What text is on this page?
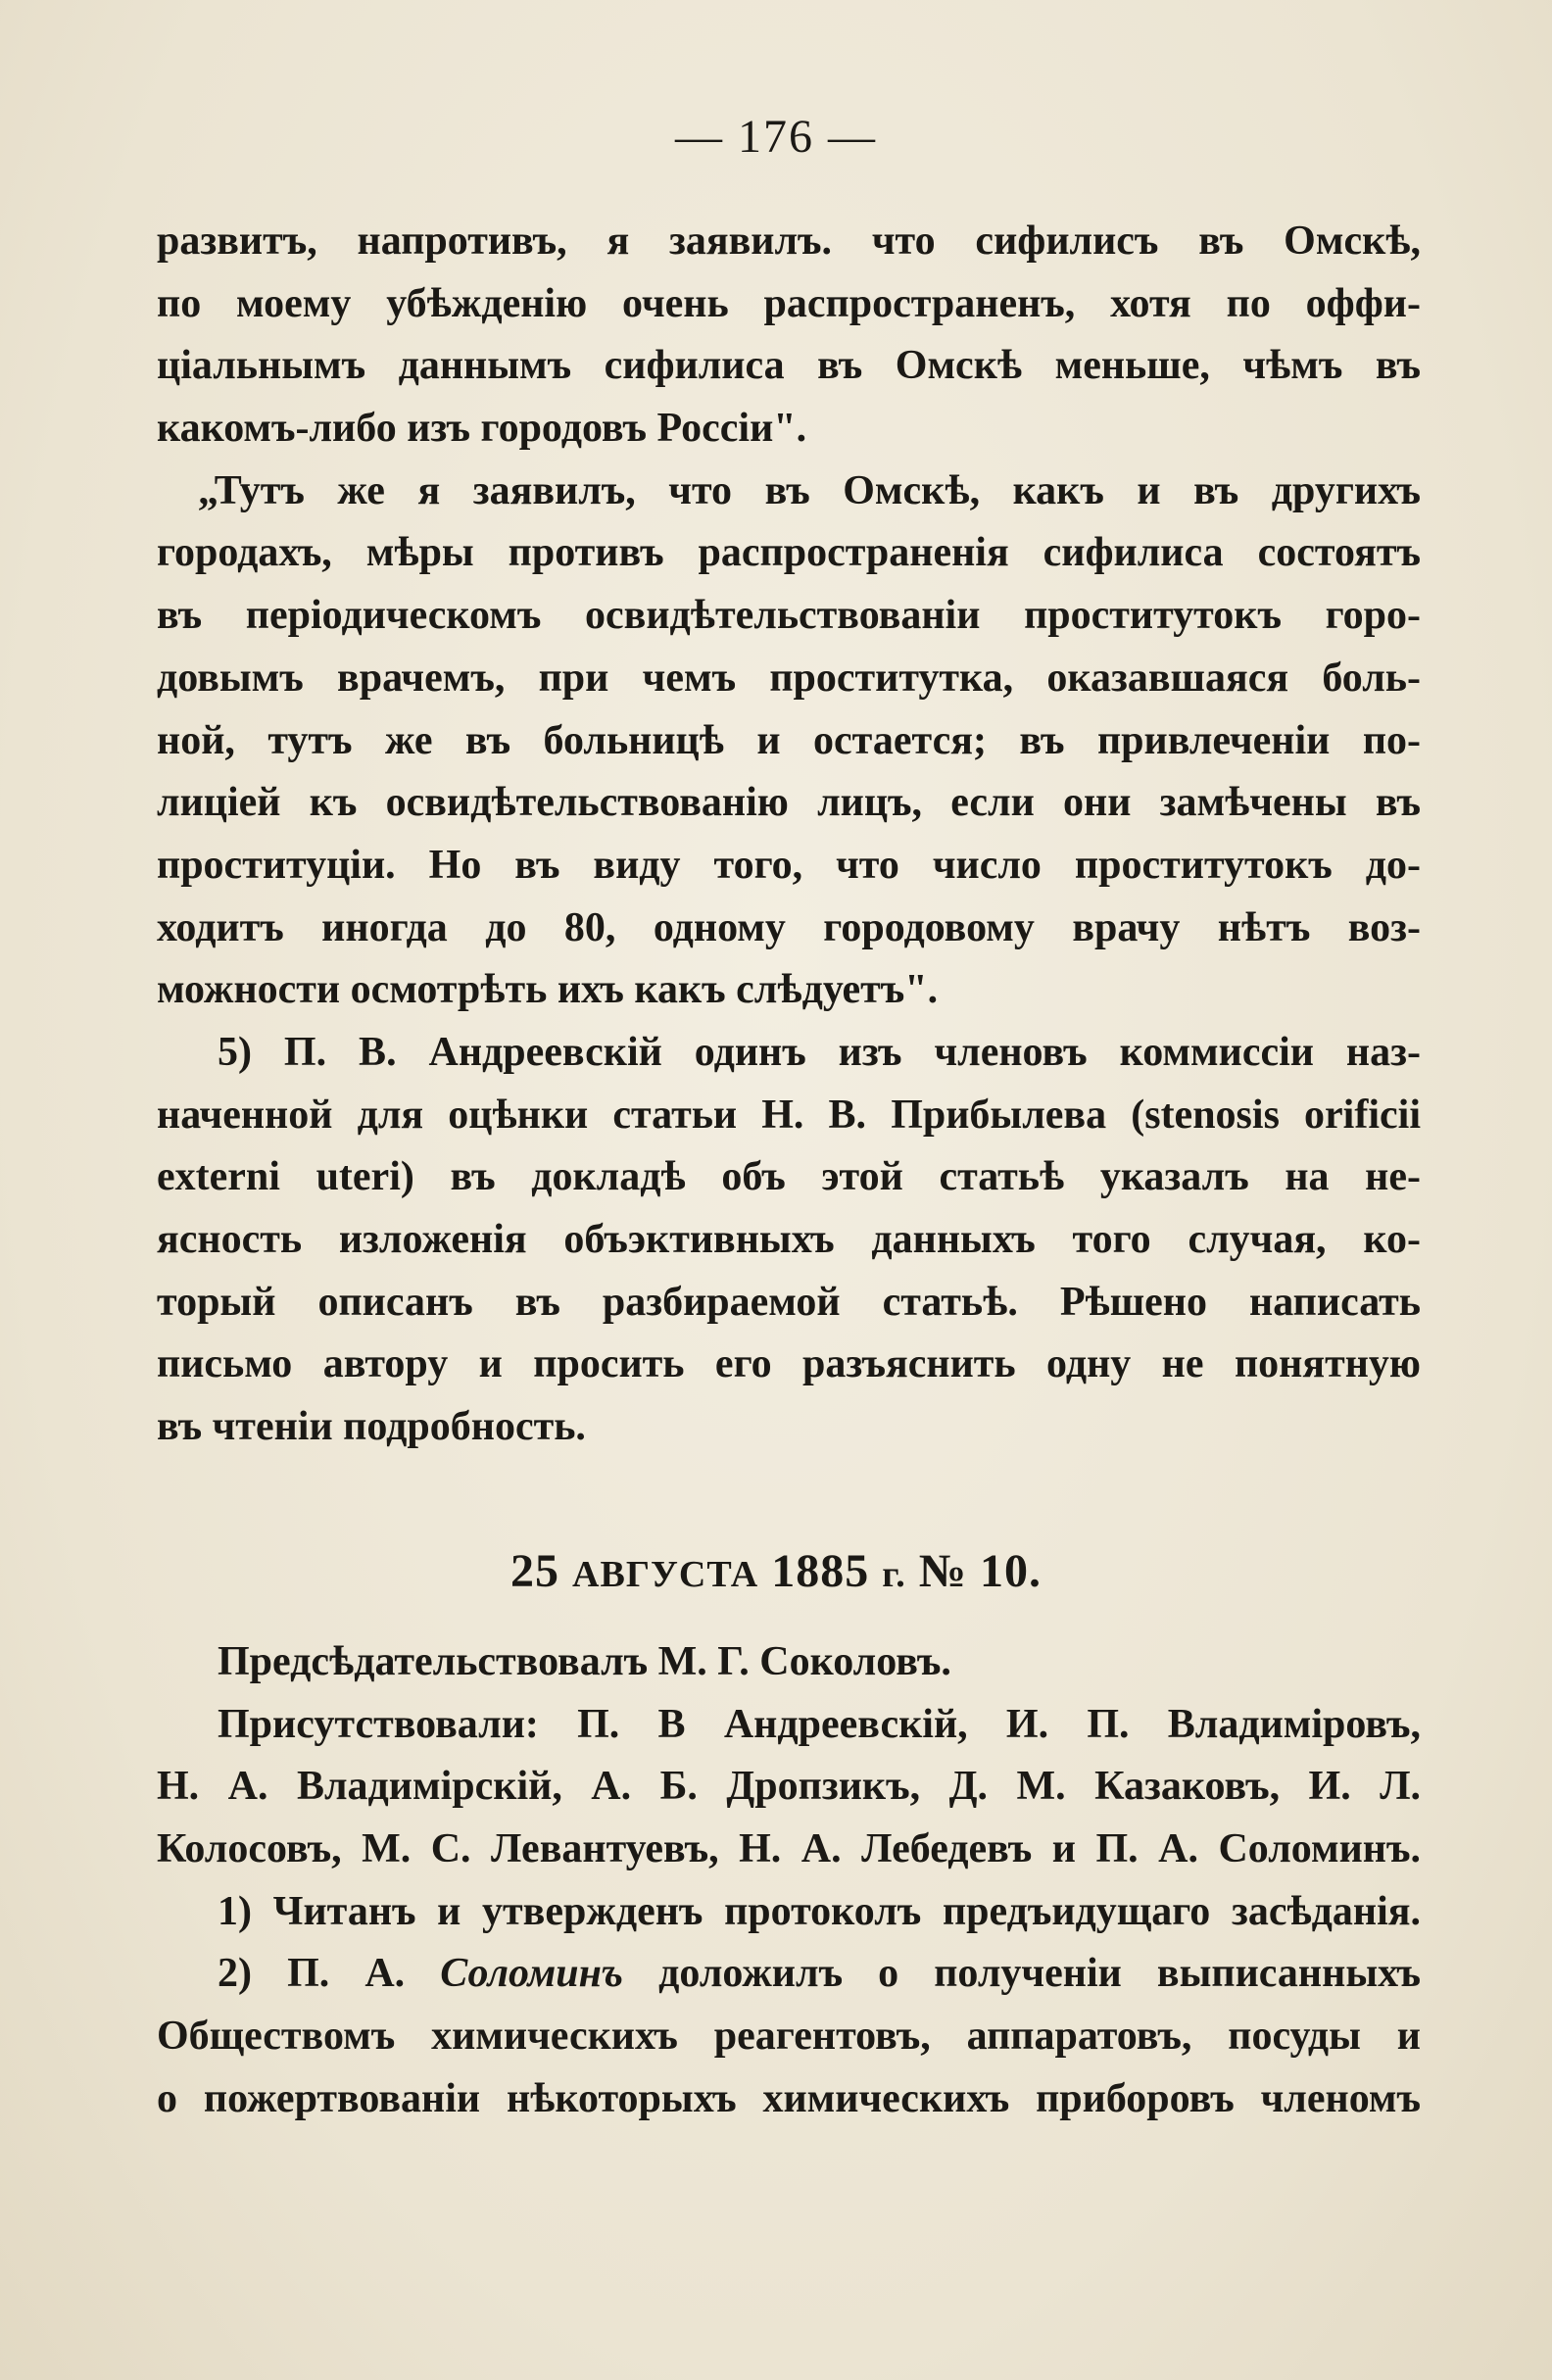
— 176 —
развитъ, напротивъ, я заявилъ. что сифилисъ въ Омскѣ,
по моему убѣжденію очень распространенъ, хотя по оффи-
ціальнымъ даннымъ сифилиса въ Омскѣ меньше, чѣмъ въ
какомъ-либо изъ городовъ Россіи".
„Тутъ же я заявилъ, что въ Омскѣ, какъ и въ другихъ
городахъ, мѣры противъ распространенія сифилиса состоятъ
въ періодическомъ освидѣтельствованіи проститутокъ горо-
довымъ врачемъ, при чемъ проститутка, оказавшаяся боль-
ной, тутъ же въ больницѣ и остается; въ привлеченіи по-
лиціей къ освидѣтельствованію лицъ, если они замѣчены въ
проституціи. Но въ виду того, что число проститутокъ до-
ходитъ иногда до 80, одному городовому врачу нѣтъ воз-
можности осмотрѣть ихъ какъ слѣдуетъ".
5) П. В. Андреевскій одинъ изъ членовъ коммиссіи наз-
наченной для оцѣнки статьи Н. В. Прибылева (stenosis orificii
externi uteri) въ докладѣ объ этой статьѣ указалъ на не-
ясность изложенія объэктивныхъ данныхъ того случая, ко-
торый описанъ въ разбираемой статьѣ. Рѣшено написать
письмо автору и просить его разъяснить одну не понятную
въ чтеніи подробность.
25 АВГУСТА 1885 г. № 10.
Предсѣдательствовалъ М. Г. Соколовъ.
Присутствовали: П. В Андреевскій, И. П. Владиміровъ,
Н. А. Владимірскій, А. Б. Дропзикъ, Д. М. Казаковъ, И. Л.
Колосовъ, М. С. Левантуевъ, Н. А. Лебедевъ и П. А. Соломинъ.
1) Читанъ и утвержденъ протоколъ предъидущаго засѣданія.
2) П. А. Соломинъ доложилъ о полученіи выписанныхъ
Обществомъ химическихъ реагентовъ, аппаратовъ, посуды и
о пожертвованіи нѣкоторыхъ химическихъ приборовъ членомъ
